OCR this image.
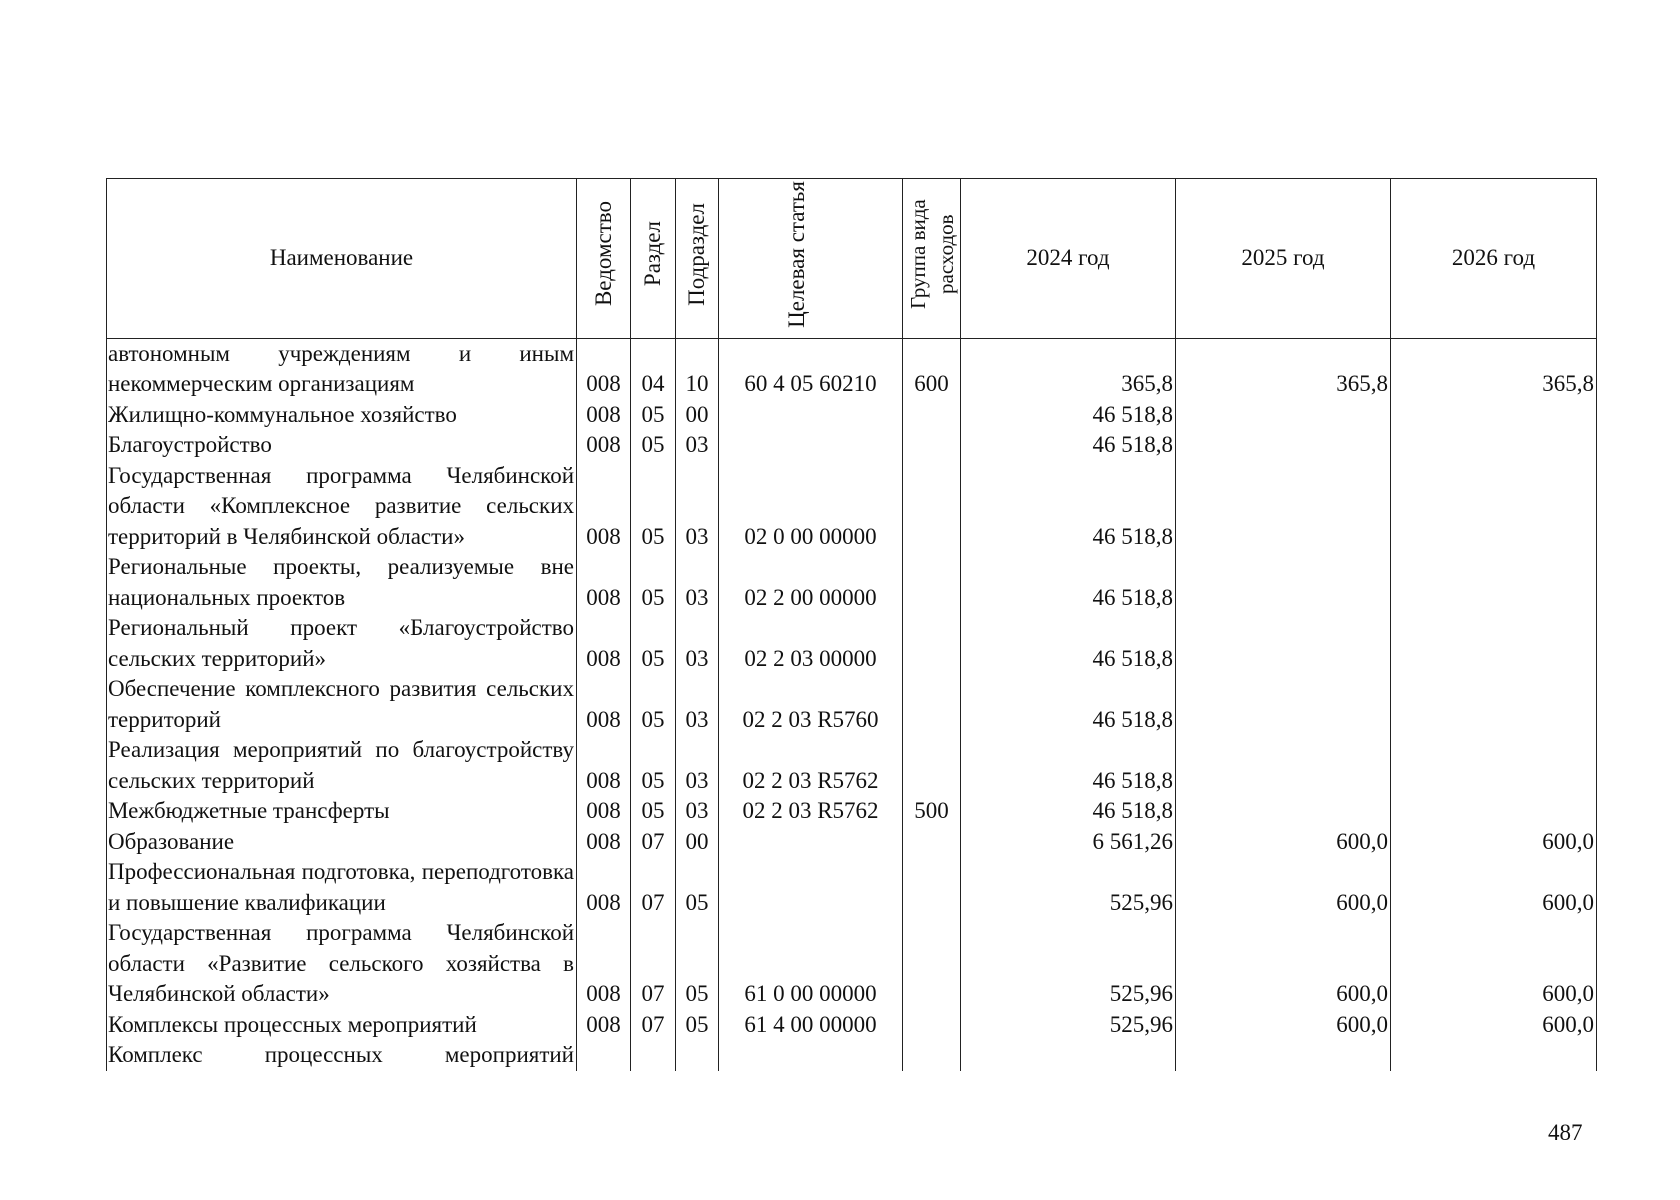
Наименование	Ведомство	Раздел	Подраздел	Целевая статья	Группа вида расходов	2024 год	2025 год	2026 год
автономным учреждениям и иным некоммерческим организациям	008	04	10	60 4 05 60210	600	365,8	365,8	365,8
Жилищно-коммунальное хозяйство	008	05	00			46 518,8		
Благоустройство	008	05	03			46 518,8		
Государственная программа Челябинской области «Комплексное развитие сельских территорий в Челябинской области»	008	05	03	02 0 00 00000		46 518,8		
Региональные проекты, реализуемые вне национальных проектов	008	05	03	02 2 00 00000		46 518,8		
Региональный проект «Благоустройство сельских территорий»	008	05	03	02 2 03 00000		46 518,8		
Обеспечение комплексного развития сельских территорий	008	05	03	02 2 03 R5760		46 518,8		
Реализация мероприятий по благоустройству сельских территорий	008	05	03	02 2 03 R5762		46 518,8		
Межбюджетные трансферты	008	05	03	02 2 03 R5762	500	46 518,8		
Образование	008	07	00			6 561,26	600,0	600,0
Профессиональная подготовка, переподготовка и повышение квалификации	008	07	05			525,96	600,0	600,0
Государственная программа Челябинской области «Развитие сельского хозяйства в Челябинской области»	008	07	05	61 0 00 00000		525,96	600,0	600,0
Комплексы процессных мероприятий	008	07	05	61 4 00 00000		525,96	600,0	600,0
Комплекс процессных мероприятий								
487
